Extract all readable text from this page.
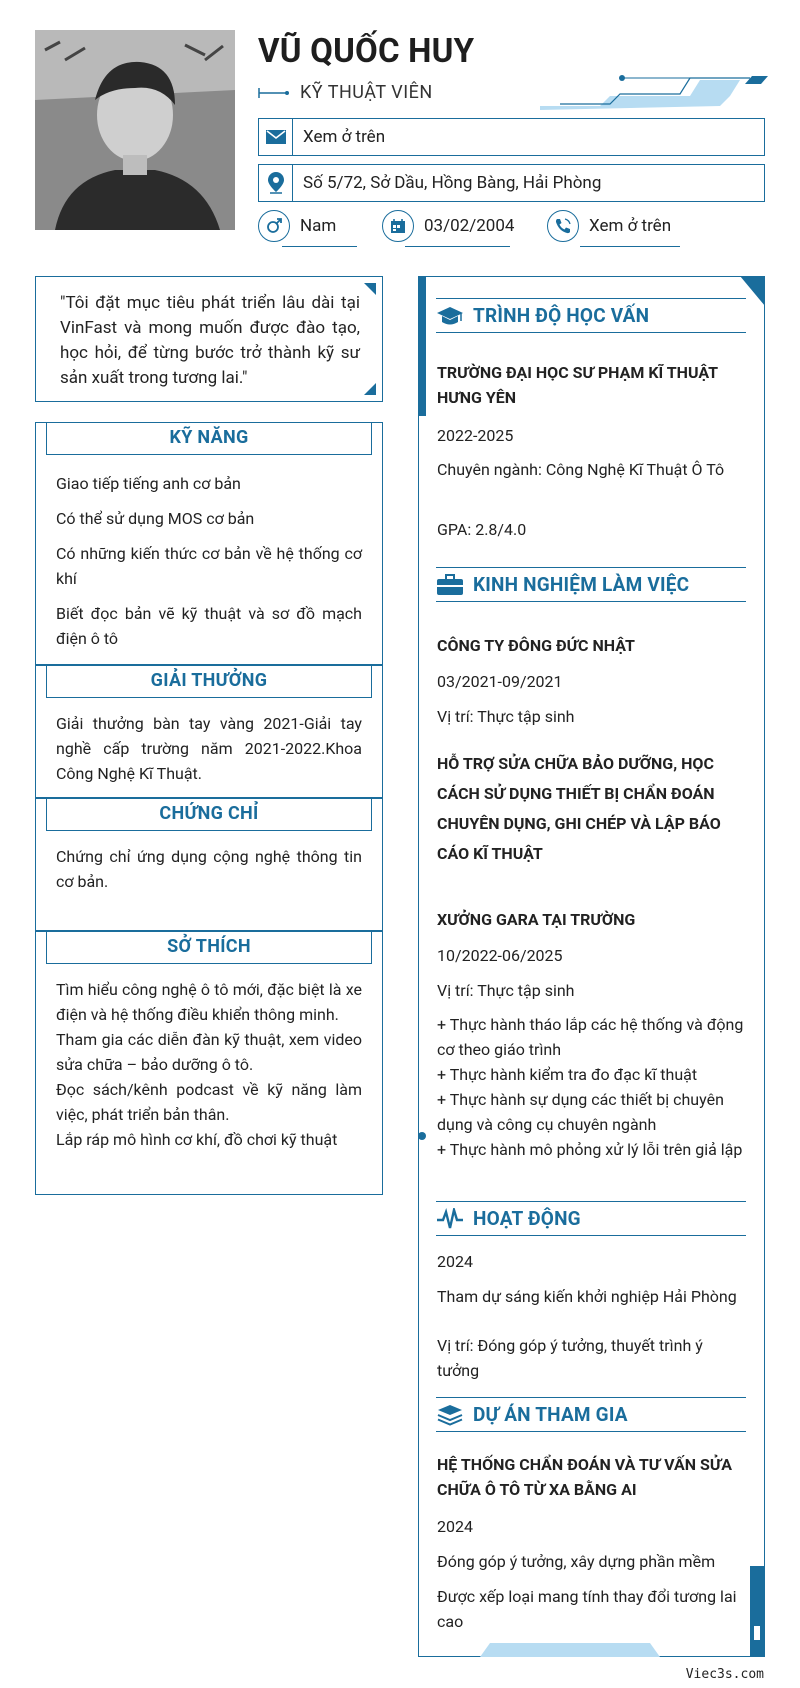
VŨ QUỐC HUY
KỸ THUẬT VIÊN
Xem ở trên
Số 5/72, Sở Dầu, Hồng Bàng, Hải Phòng
Nam	03/02/2004	Xem ở trên
"Tôi đặt mục tiêu phát triển lâu dài tại VinFast và mong muốn được đào tạo, học hỏi, để từng bước trở thành kỹ sư sản xuất trong tương lai."
KỸ NĂNG

Giao tiếp tiếng anh cơ bản

Có thể sử dụng MOS cơ bản

Có những kiến thức cơ bản về hệ thống cơ khí

Biết đọc bản vẽ kỹ thuật và sơ đồ mạch điện ô tô

GIẢI THƯỞNG
Giải thưởng bàn tay vàng 2021-Giải tay nghề cấp trường năm 2021-2022.Khoa Công Nghệ Kĩ Thuật.
CHỨNG CHỈ
Chứng chỉ ứng dụng cộng nghệ thông tin cơ bản.
SỞ THÍCH

Tìm hiểu công nghệ ô tô mới, đặc biệt là xe điện và hệ thống điều khiển thông minh.

Tham gia các diễn đàn kỹ thuật, xem video sửa chữa – bảo dưỡng ô tô.

Đọc sách/kênh podcast về kỹ năng làm việc, phát triển bản thân.

Lắp ráp mô hình cơ khí, đồ chơi kỹ thuật

TRÌNH ĐỘ HỌC VẤN
TRƯỜNG ĐẠI HỌC SƯ PHẠM KĨ THUẬT HƯNG YÊN
2022-2025
Chuyên ngành: Công Nghệ Kĩ Thuật Ô Tô
GPA: 2.8/4.0
KINH NGHIỆM LÀM VIỆC
CÔNG TY ĐÔNG ĐỨC NHẬT
03/2021-09/2021
Vị trí: Thực tập sinh
HỖ TRỢ SỬA CHỮA BẢO DƯỠNG, HỌC CÁCH SỬ DỤNG THIẾT BỊ CHẨN ĐOÁN CHUYÊN DỤNG, GHI CHÉP VÀ LẬP BÁO CÁO KĨ THUẬT
XƯỞNG GARA TẠI TRƯỜNG
10/2022-06/2025
Vị trí: Thực tập sinh
+ Thực hành tháo lắp các hệ thống và động cơ theo giáo trình
+ Thực hành kiểm tra đo đạc kĩ thuật
+ Thực hành sự dụng các thiết bị chuyên dụng và công cụ chuyên ngành
+ Thực hành mô phỏng xử lý lỗi trên giả lập
HOẠT ĐỘNG
2024
Tham dự sáng kiến khởi nghiệp Hải Phòng
Vị trí: Đóng góp ý tưởng, thuyết trình ý tưởng
DỰ ÁN THAM GIA
HỆ THỐNG CHẨN ĐOÁN VÀ TƯ VẤN SỬA CHỮA Ô TÔ TỪ XA BẰNG AI
2024
Đóng góp ý tưởng, xây dựng phần mềm
Được xếp loại mang tính thay đổi tương lai cao
Viec3s.com
